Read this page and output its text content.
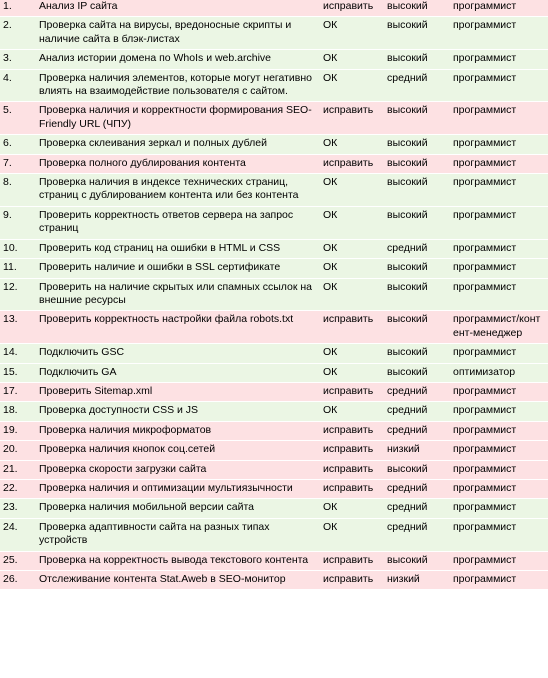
1.	Анализ IP сайта	исправить	высокий	программист
2.	Проверка сайта на вирусы, вредоносные скрипты и наличие сайта в блэк-листах	ОК	высокий	программист
3.	Анализ истории домена по WhoIs и web.archive	ОК	высокий	программист
4.	Проверка наличия элементов, которые могут негативно влиять на взаимодействие пользователя с сайтом.	ОК	средний	программист
5.	Проверка наличия и корректности формирования SEO-Friendly URL (ЧПУ)	исправить	высокий	программист
6.	Проверка склеивания зеркал и полных дублей	ОК	высокий	программист
7.	Проверка полного дублирования контента	исправить	высокий	программист
8.	Проверка наличия в индексе технических страниц, страниц с дублированием контента или без контента	ОК	высокий	программист
9.	Проверить корректность ответов сервера на запрос страниц	ОК	высокий	программист
10.	Проверить код страниц на ошибки в HTML и CSS	ОК	средний	программист
11.	Проверить наличие и ошибки в SSL сертификате	ОК	высокий	программист
12.	Проверить на наличие скрытых или спамных ссылок на внешние ресурсы	ОК	высокий	программист
13.	Проверить корректность настройки файла robots.txt	исправить	высокий	программист/конт ент-менеджер
14.	Подключить GSC	ОК	высокий	программист
15.	Подключить GA	ОК	высокий	оптимизатор
17.	Проверить Sitemap.xml	исправить	средний	программист
18.	Проверка доступности CSS и JS	ОК	средний	программист
19.	Проверка наличия микроформатов	исправить	средний	программист
20.	Проверка наличия кнопок соц.сетей	исправить	низкий	программист
21.	Проверка скорости загрузки сайта	исправить	высокий	программист
22.	Проверка наличия и оптимизации мультиязычности	исправить	средний	программист
23.	Проверка наличия мобильной версии сайта	ОК	средний	программист
24.	Проверка адаптивности сайта на разных типах устройств	ОК	средний	программист
25.	Проверка на корректность вывода текстового контента	исправить	высокий	программист
26.	Отслеживание контента Stat.Aweb в SEO-монитор	исправить	низкий	программист
